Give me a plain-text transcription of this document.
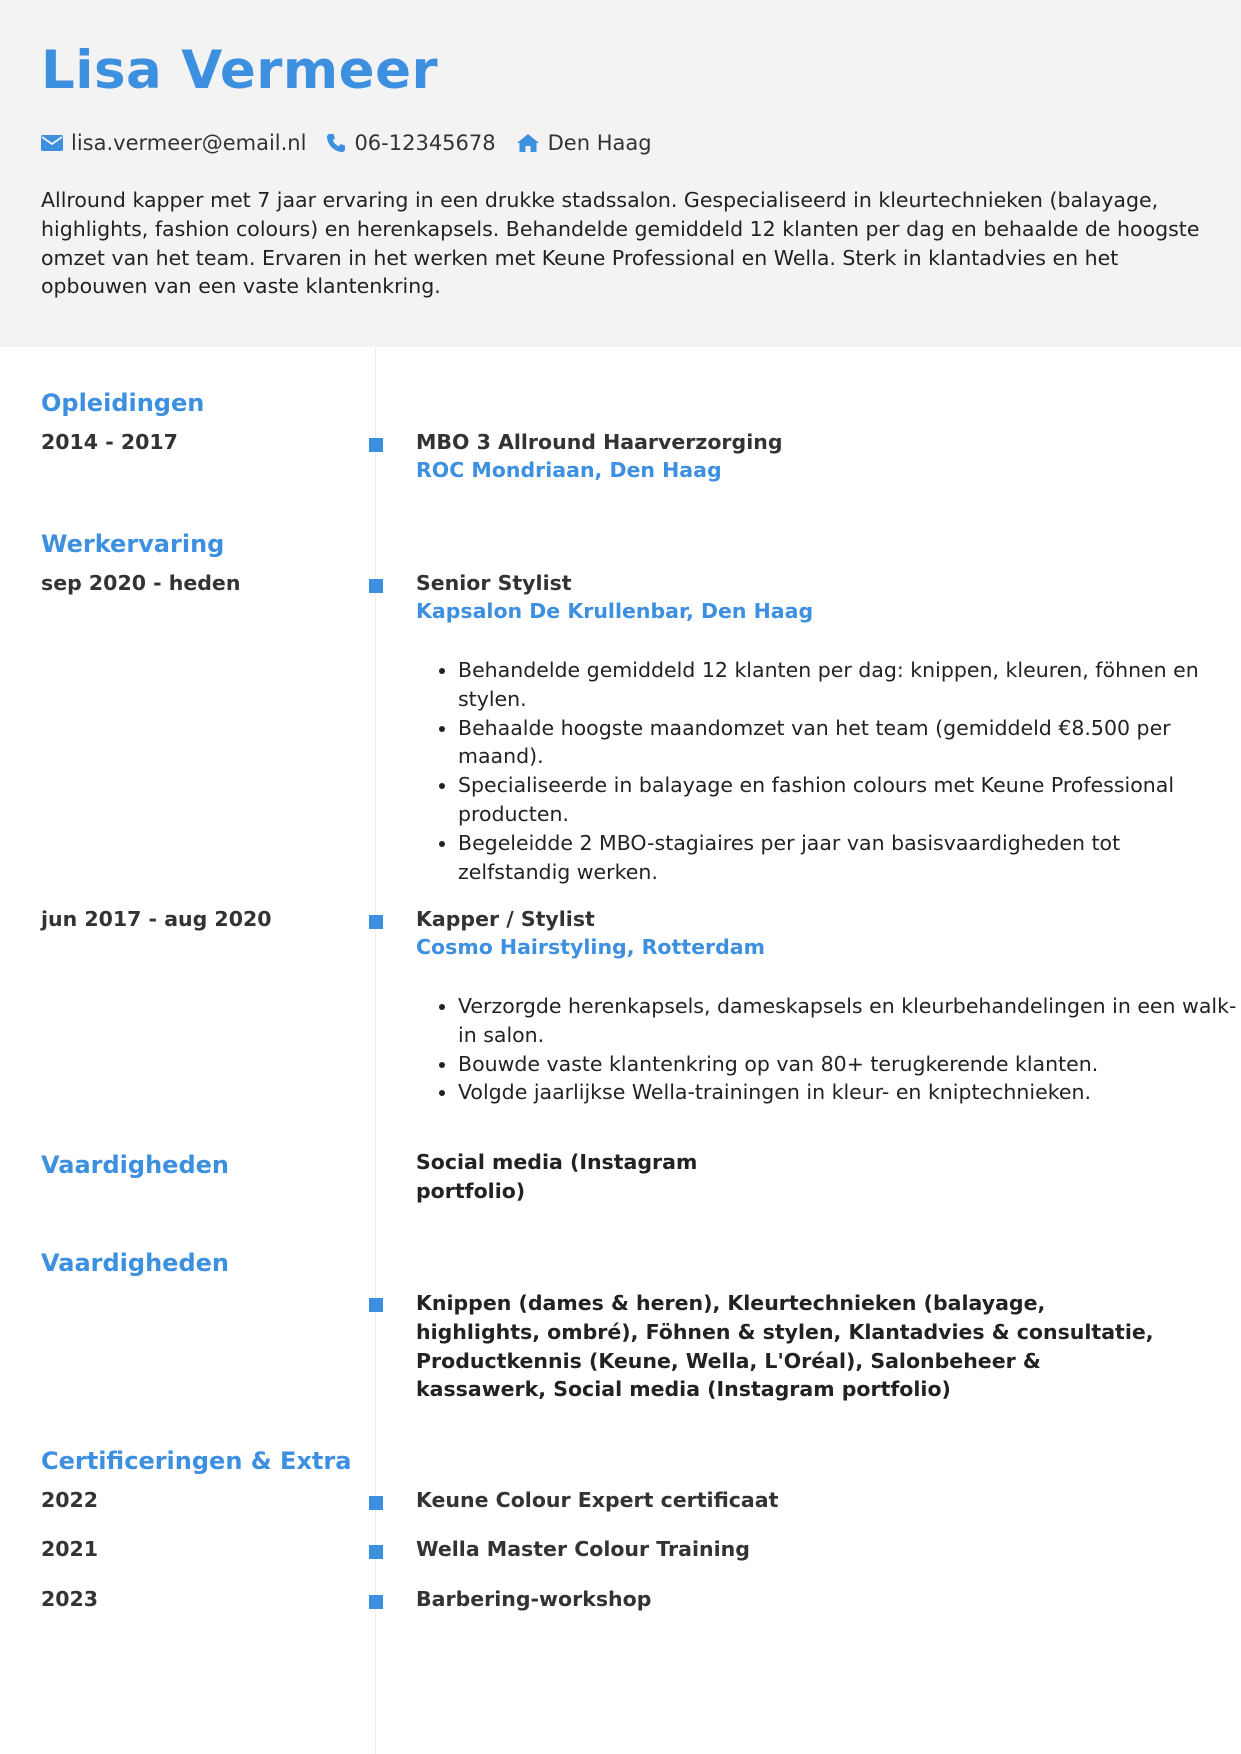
Lisa Vermeer
lisa.vermeer@email.nl 06-12345678 Den Haag
Allround kapper met 7 jaar ervaring in een drukke stadssalon. Gespecialiseerd in kleurtechnieken (balayage, highlights, fashion colours) en herenkapsels. Behandelde gemiddeld 12 klanten per dag en behaalde de hoogste omzet van het team. Ervaren in het werken met Keune Professional en Wella. Sterk in klantadvies en het opbouwen van een vaste klantenkring.
Opleidingen
2014 - 2017	MBO 3 Allround Haarverzorging
ROC Mondriaan, Den Haag
Werkervaring
sep 2020 - heden	Senior Stylist
Kapsalon De Krullenbar, Den Haag
• Behandelde gemiddeld 12 klanten per dag: knippen, kleuren, föhnen en stylen.
• Behaalde hoogste maandomzet van het team (gemiddeld €8.500 per maand).
• Specialiseerde in balayage en fashion colours met Keune Professional producten.
• Begeleidde 2 MBO-stagiaires per jaar van basisvaardigheden tot zelfstandig werken.
jun 2017 - aug 2020	Kapper / Stylist
Cosmo Hairstyling, Rotterdam
• Verzorgde herenkapsels, dameskapsels en kleurbehandelingen in een walk-in salon.
• Bouwde vaste klantenkring op van 80+ terugkerende klanten.
• Volgde jaarlijkse Wella-trainingen in kleur- en kniptechnieken.
Vaardigheden	Social media (Instagram portfolio)
Vaardigheden
Knippen (dames & heren), Kleurtechnieken (balayage, highlights, ombré), Föhnen & stylen, Klantadvies & consultatie, Productkennis (Keune, Wella, L'Oréal), Salonbeheer & kassawerk, Social media (Instagram portfolio)
Certificeringen & Extra
2022	Keune Colour Expert certificaat
2021	Wella Master Colour Training
2023	Barbering-workshop
